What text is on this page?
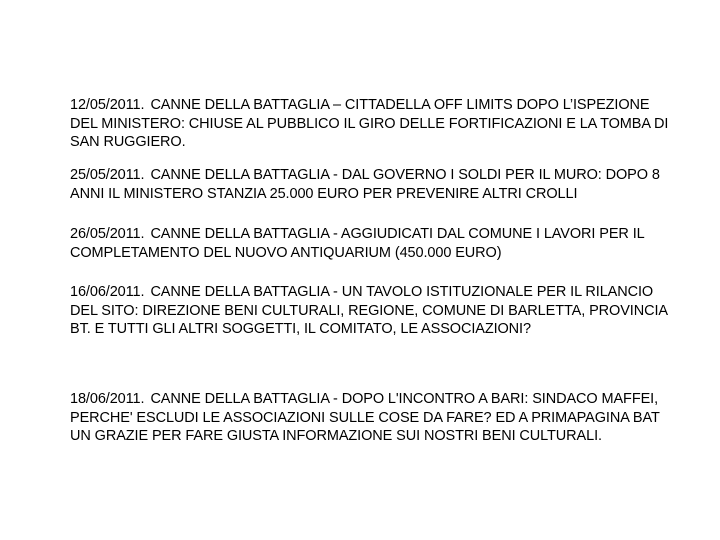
12/05/2011. CANNE DELLA BATTAGLIA – CITTADELLA OFF LIMITS DOPO L’ISPEZIONE DEL MINISTERO: CHIUSE AL PUBBLICO IL GIRO DELLE FORTIFICAZIONI E LA TOMBA DI SAN RUGGIERO.

25/05/2011. CANNE DELLA BATTAGLIA - DAL GOVERNO I SOLDI PER IL MURO: DOPO 8 ANNI IL MINISTERO STANZIA 25.000 EURO PER PREVENIRE ALTRI CROLLI

26/05/2011. CANNE DELLA BATTAGLIA - AGGIUDICATI DAL COMUNE I LAVORI PER IL COMPLETAMENTO DEL NUOVO ANTIQUARIUM (450.000 EURO)

16/06/2011. CANNE DELLA BATTAGLIA - UN TAVOLO ISTITUZIONALE PER IL RILANCIO DEL SITO: DIREZIONE BENI CULTURALI, REGIONE, COMUNE DI BARLETTA, PROVINCIA BT. E TUTTI GLI ALTRI SOGGETTI, IL COMITATO, LE ASSOCIAZIONI?

18/06/2011. CANNE DELLA BATTAGLIA - DOPO L'INCONTRO A BARI: SINDACO MAFFEI, PERCHE' ESCLUDI LE ASSOCIAZIONI SULLE COSE DA FARE? ED A PRIMAPAGINA BAT UN GRAZIE PER FARE GIUSTA INFORMAZIONE SUI NOSTRI BENI CULTURALI.
